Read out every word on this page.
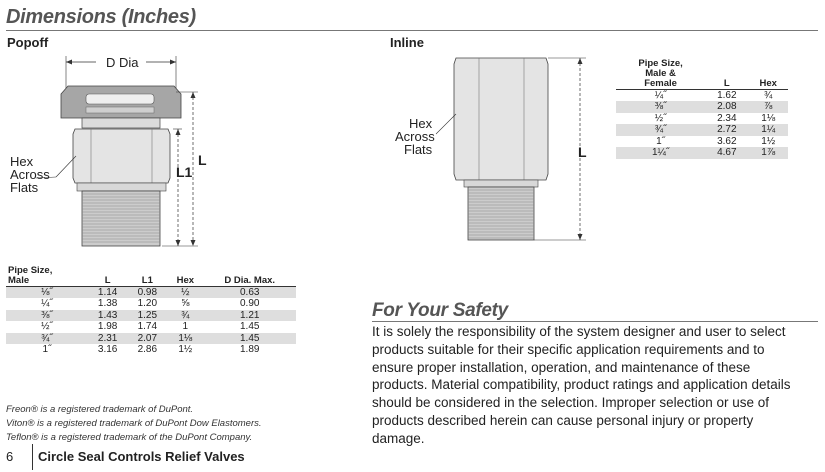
Dimensions (Inches)
Popoff	Inline
D Dia
L1
L
Hex
Across
Flats
Pipe Size,
Male	L	L1	Hex	D Dia. Max.
⅛˝	1.14	0.98	½	0.63
¼˝	1.38	1.20	⅝	0.90
⅜˝	1.43	1.25	¾	1.21
½˝	1.98	1.74	1	1.45
¾˝	2.31	2.07	1⅛	1.45
1˝	3.16	2.86	1½	1.89
Hex
Across
Flats	L
Pipe Size,
Male &
Female	L	Hex
¼˝	1.62	¾
⅜˝	2.08	⅞
½˝	2.34	1⅛
¾˝	2.72	1¼
1˝	3.62	1½
1¼˝	4.67	1⅞
For Your Safety
It is solely the responsibility of the system designer and user to select products suitable for their specific application requirements and to ensure proper installation, operation, and maintenance of these products. Material compatibility, product ratings and application details should be considered in the selection. Improper selection or use of products described herein can cause personal injury or property damage.
Freon® is a registered trademark of DuPont.
Viton® is a registered trademark of DuPont Dow Elastomers.
Teflon® is a registered trademark of the DuPont Company.
6 Circle Seal Controls Relief Valves
